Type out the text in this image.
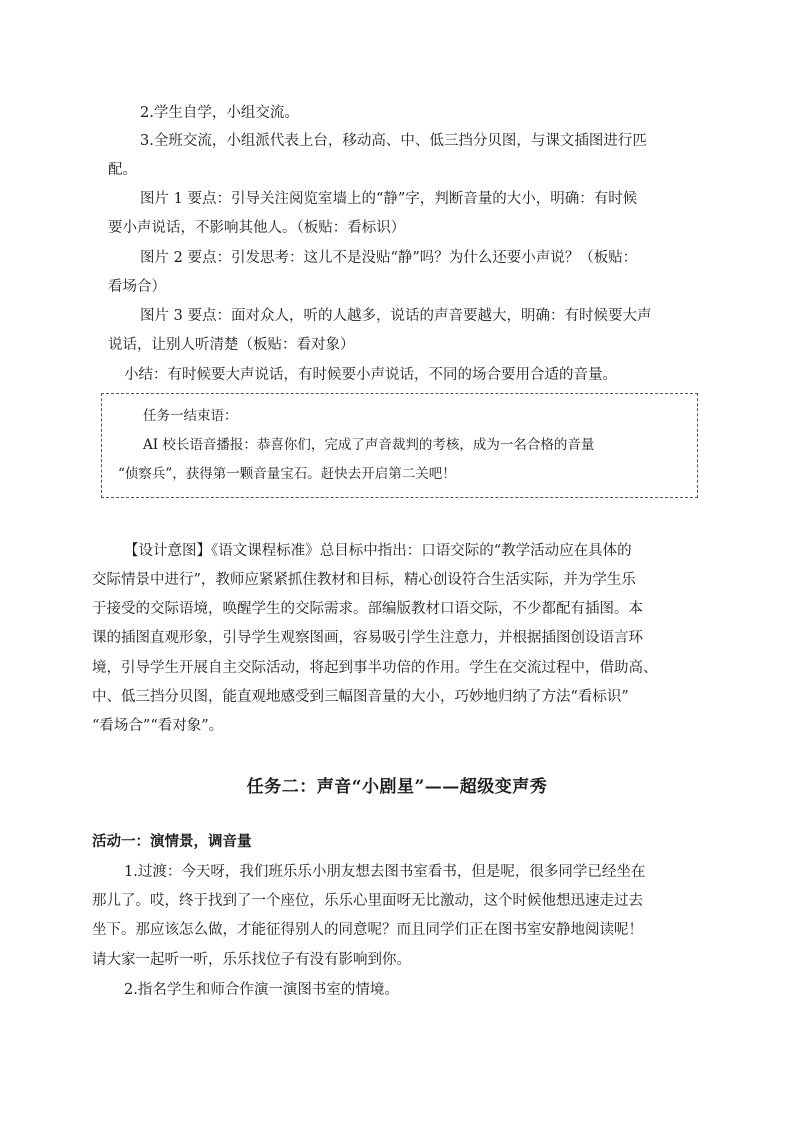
2.学生自学，小组交流。

3.全班交流，小组派代表上台，移动高、中、低三挡分贝图，与课文插图进行匹

配。

图片 1 要点：引导关注阅览室墙上的“静”字，判断音量的大小，明确：有时候

要小声说话，不影响其他人。（板贴：看标识）

图片 2 要点：引发思考：这儿不是没贴“静”吗？为什么还要小声说？（板贴：

看场合）

图片 3 要点：面对众人，听的人越多，说话的声音要越大，明确：有时候要大声

说话，让别人听清楚（板贴：看对象）

小结：有时候要大声说话，有时候要小声说话，不同的场合要用合适的音量。

任务一结束语：

AI 校长语音播报：恭喜你们，完成了声音裁判的考核，成为一名合格的音量

“侦察兵”，获得第一颗音量宝石。赶快去开启第二关吧！

【设计意图】《语文课程标准》总目标中指出：口语交际的“教学活动应在具体的

交际情景中进行”，教师应紧紧抓住教材和目标，精心创设符合生活实际，并为学生乐

于接受的交际语境，唤醒学生的交际需求。部编版教材口语交际，不少都配有插图。本

课的插图直观形象，引导学生观察图画，容易吸引学生注意力，并根据插图创设语言环

境，引导学生开展自主交际活动，将起到事半功倍的作用。学生在交流过程中，借助高、

中、低三挡分贝图，能直观地感受到三幅图音量的大小，巧妙地归纳了方法“看标识”

“看场合”“看对象”。

任务二：声音“小剧星”——超级变声秀

活动一：演情景，调音量

1.过渡：今天呀，我们班乐乐小朋友想去图书室看书，但是呢，很多同学已经坐在

那儿了。哎，终于找到了一个座位，乐乐心里面呀无比激动，这个时候他想迅速走过去

坐下。那应该怎么做，才能征得别人的同意呢？而且同学们正在图书室安静地阅读呢！

请大家一起听一听，乐乐找位子有没有影响到你。

2.指名学生和师合作演一演图书室的情境。
